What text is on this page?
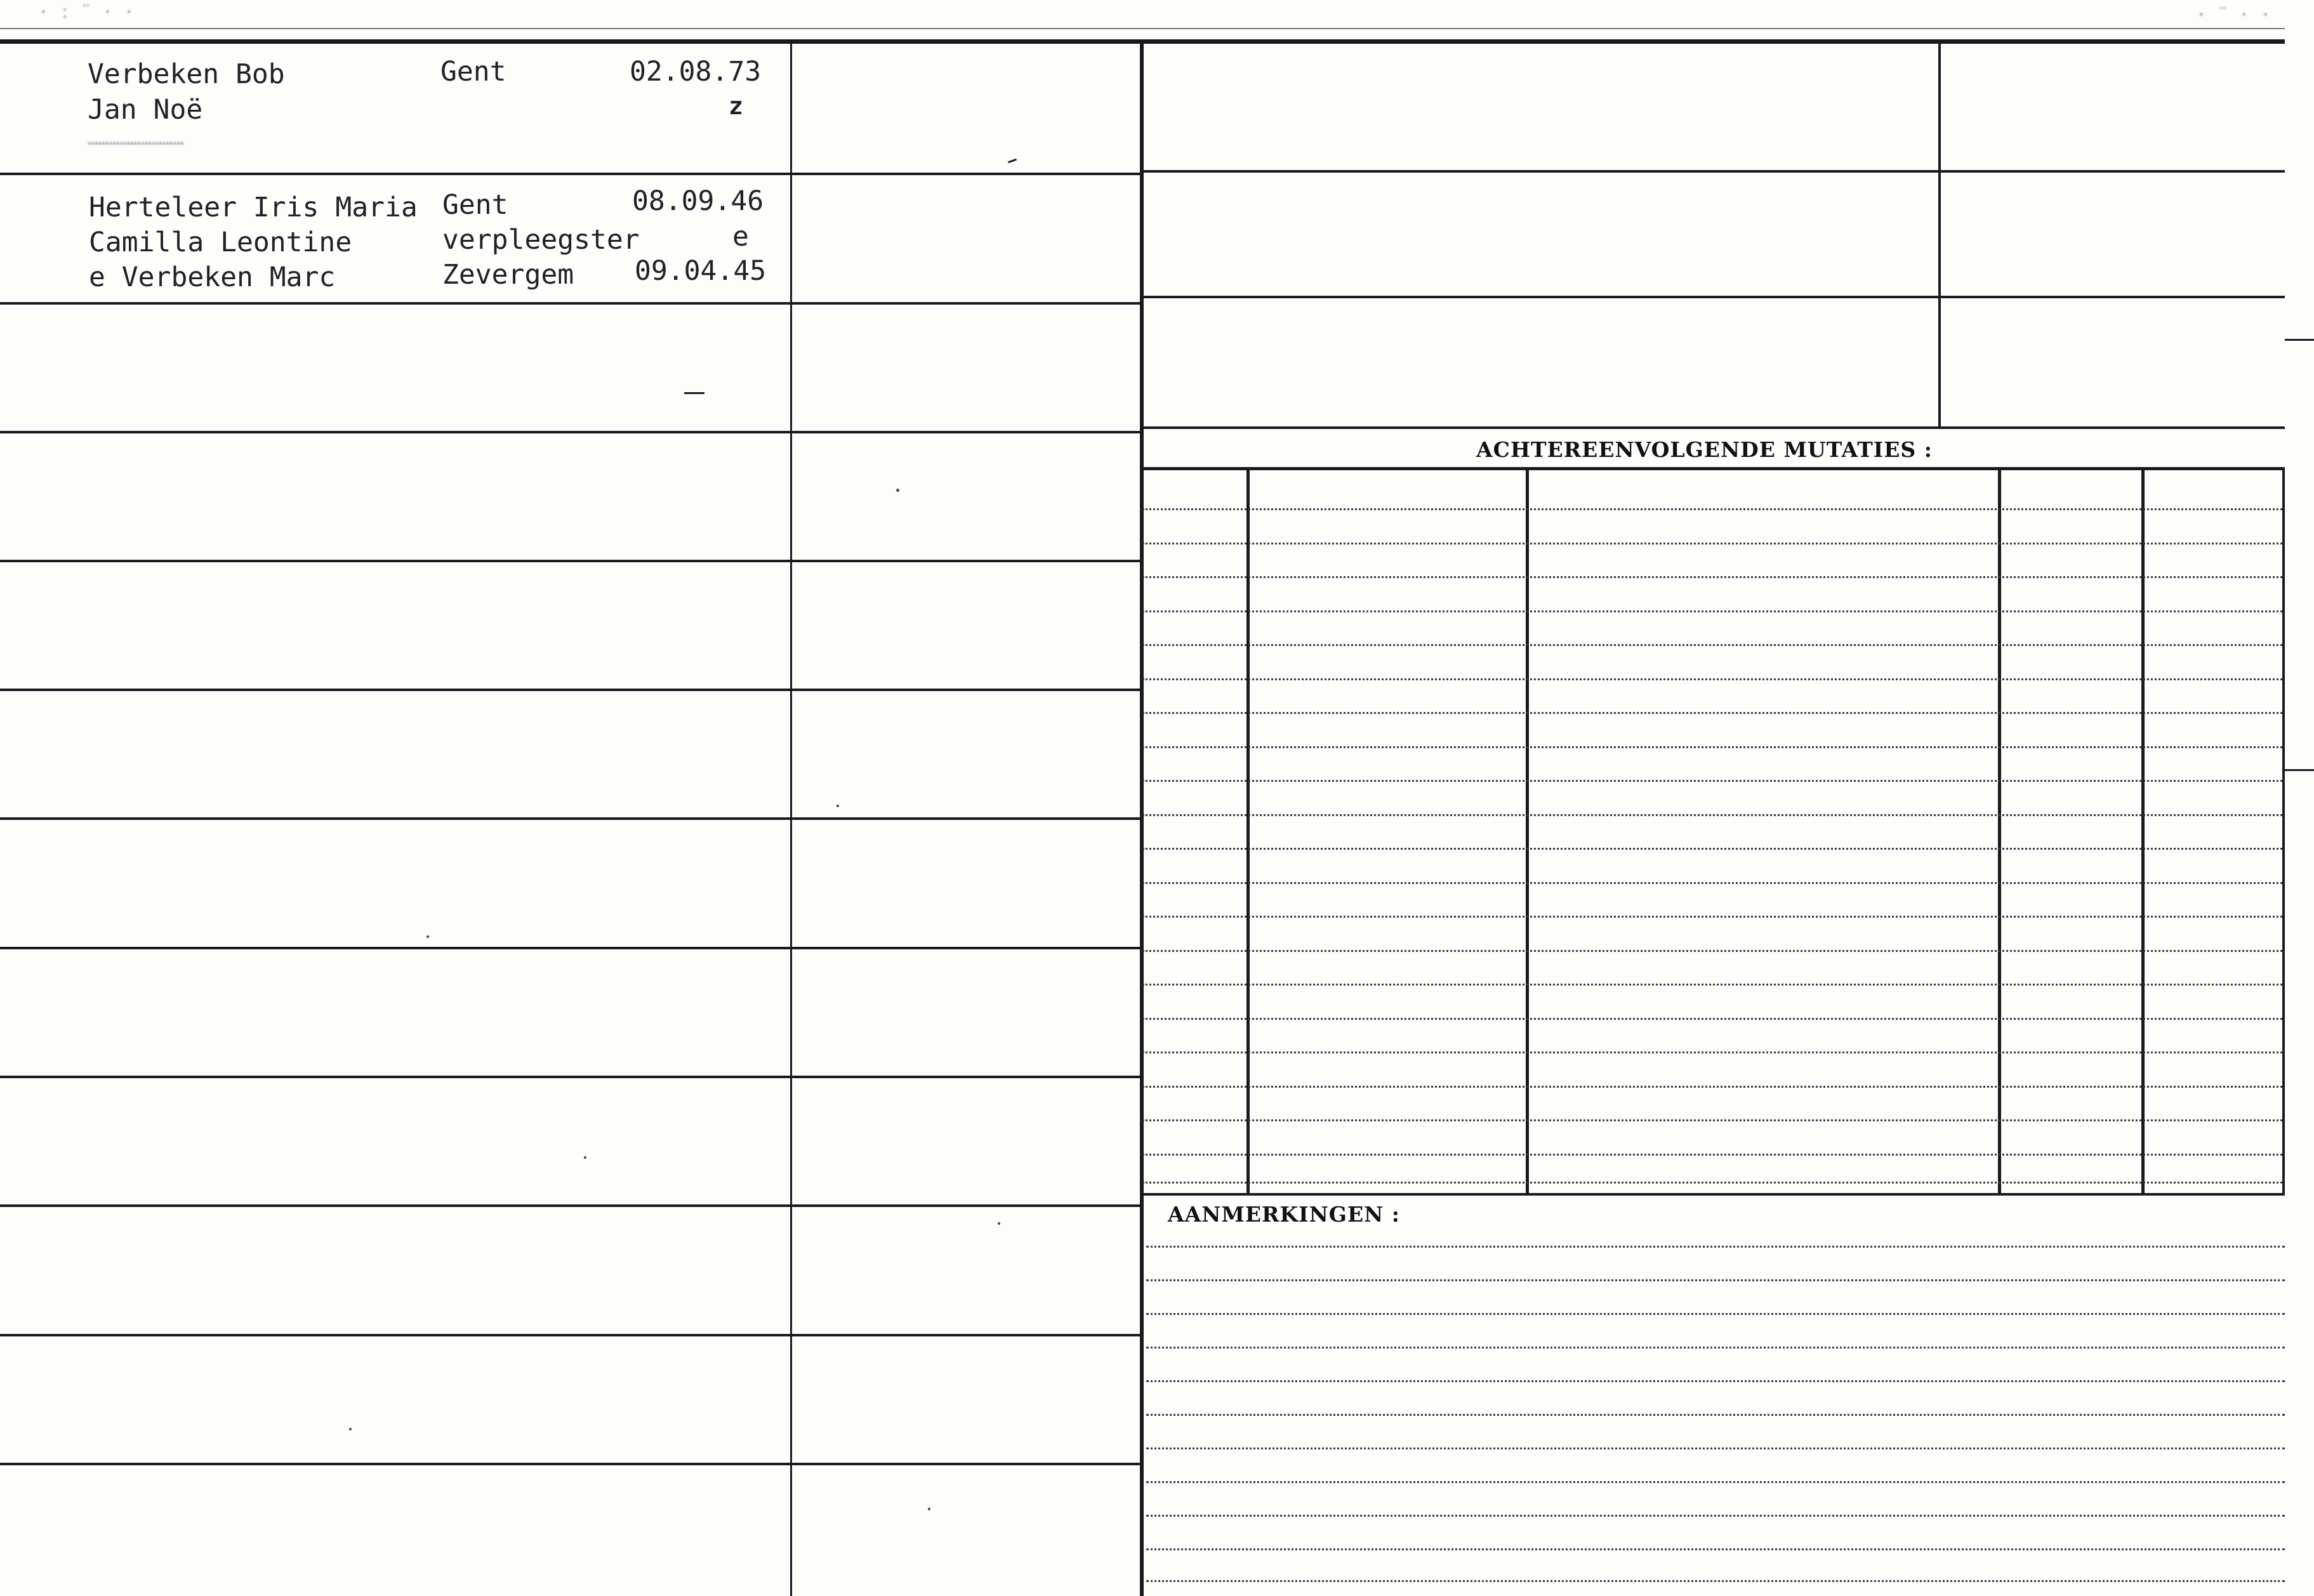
· ː ¨ · ·	· ¨ · ·
Verbeken Bob
Jan Noë
Gent	02.08.73
z
………………………
Herteleer Iris Maria
Camilla Leontine
e Verbeken Marc
Gent
verpleegster
Zevergem
08.09.46
e
09.04.45
ACHTEREENVOLGENDE MUTATIES :
AANMERKINGEN :
